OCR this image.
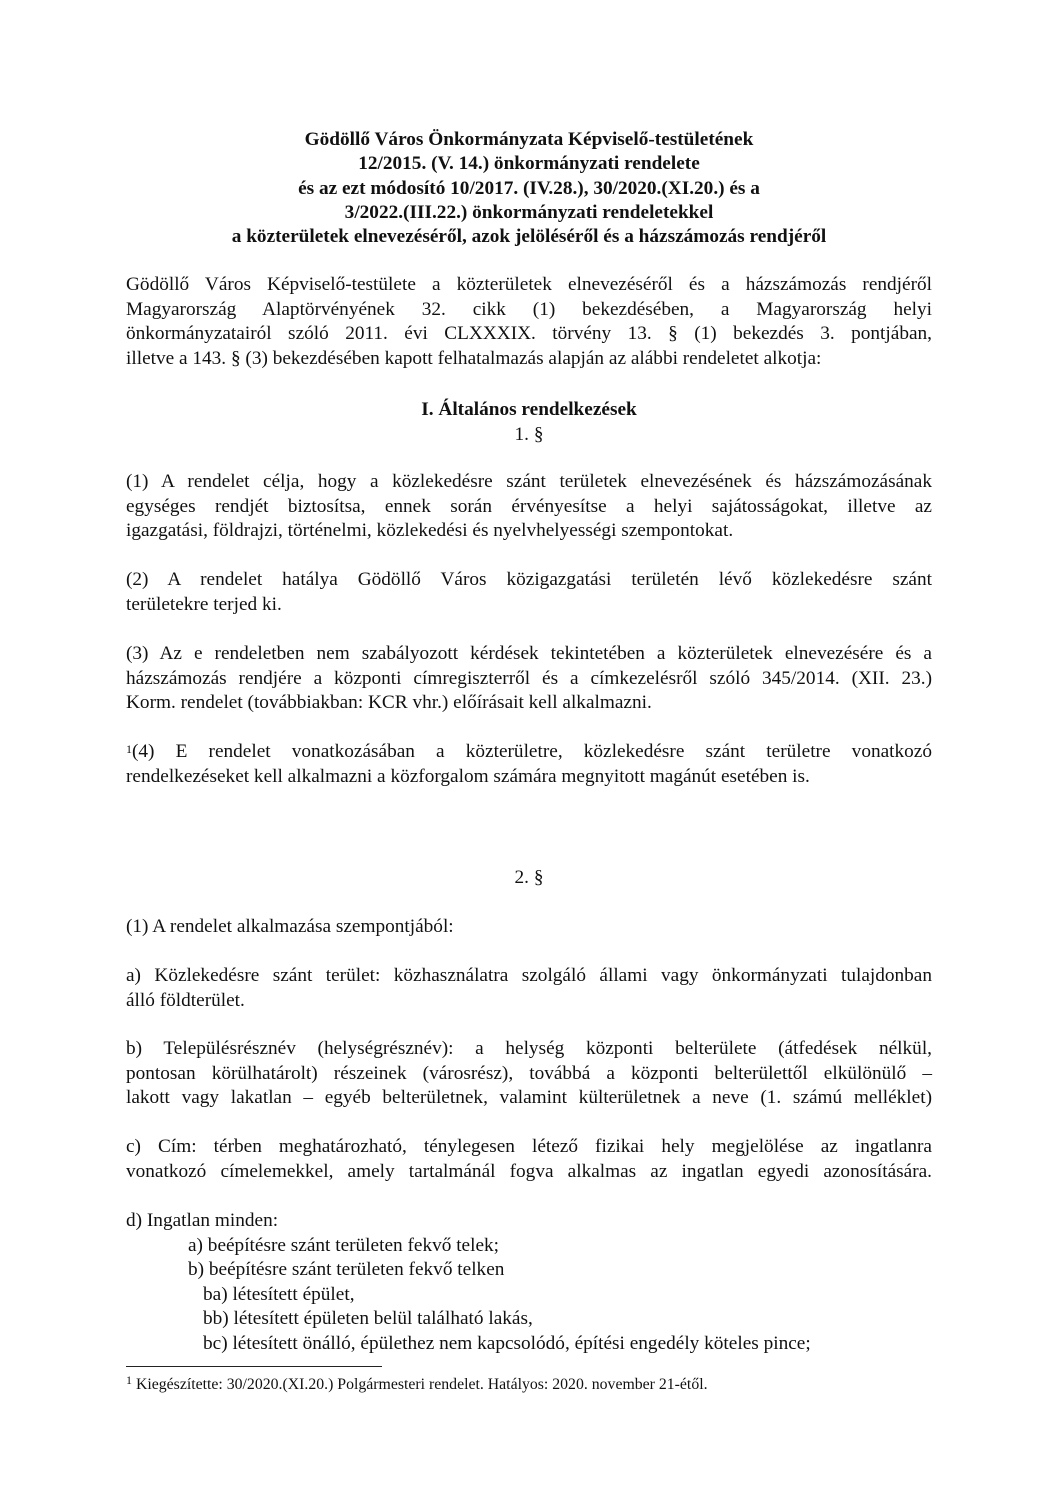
Gödöllő Város Önkormányzata Képviselő-testületének
12/2015. (V. 14.) önkormányzati rendelete
és az ezt módosító 10/2017. (IV.28.), 30/2020.(XI.20.) és a
3/2022.(III.22.) önkormányzati rendeletekkel
a közterületek elnevezéséről, azok jelöléséről és a házszámozás rendjéről
Gödöllő Város Képviselő-testülete a közterületek elnevezéséről és a házszámozás rendjéről
Magyarország Alaptörvényének 32. cikk (1) bekezdésében, a Magyarország helyi
önkormányzatairól szóló 2011. évi CLXXXIX. törvény 13. § (1) bekezdés 3. pontjában,
illetve a 143. § (3) bekezdésében kapott felhatalmazás alapján az alábbi rendeletet alkotja:
I. Általános rendelkezések
1. §
(1) A rendelet célja, hogy a közlekedésre szánt területek elnevezésének és házszámozásának
egységes rendjét biztosítsa, ennek során érvényesítse a helyi sajátosságokat, illetve az
igazgatási, földrajzi, történelmi, közlekedési és nyelvhelyességi szempontokat.
(2) A rendelet hatálya Gödöllő Város közigazgatási területén lévő közlekedésre szánt
területekre terjed ki.
(3) Az e rendeletben nem szabályozott kérdések tekintetében a közterületek elnevezésére és a
házszámozás rendjére a központi címregiszterről és a címkezelésről szóló 345/2014. (XII. 23.)
Korm. rendelet (továbbiakban: KCR vhr.) előírásait kell alkalmazni.
$^1$(4) E rendelet vonatkozásában a közterületre, közlekedésre szánt területre vonatkozó
rendelkezéseket kell alkalmazni a közforgalom számára megnyitott magánút esetében is.
2. §
(1) A rendelet alkalmazása szempontjából:
a) Közlekedésre szánt terület: közhasználatra szolgáló állami vagy önkormányzati tulajdonban
álló földterület.
b) Településrésznév (helységrésznév): a helység központi belterülete (átfedések nélkül,
pontosan körülhatárolt) részeinek (városrész), továbbá a központi belterülettől elkülönülő –
lakott vagy lakatlan – egyéb belterületnek, valamint külterületnek a neve (1. számú melléklet)
c) Cím: térben meghatározható, ténylegesen létező fizikai hely megjelölése az ingatlanra
vonatkozó címelemekkel, amely tartalmánál fogva alkalmas az ingatlan egyedi azonosítására.
d) Ingatlan minden:
a) beépítésre szánt területen fekvő telek;
b) beépítésre szánt területen fekvő telken
ba) létesített épület,
bb) létesített épületen belül található lakás,
bc) létesített önálló, épülethez nem kapcsolódó, építési engedély köteles pince;
$^1$ Kiegészítette: 30/2020.(XI.20.) Polgármesteri rendelet. Hatályos: 2020. november 21-étől.
